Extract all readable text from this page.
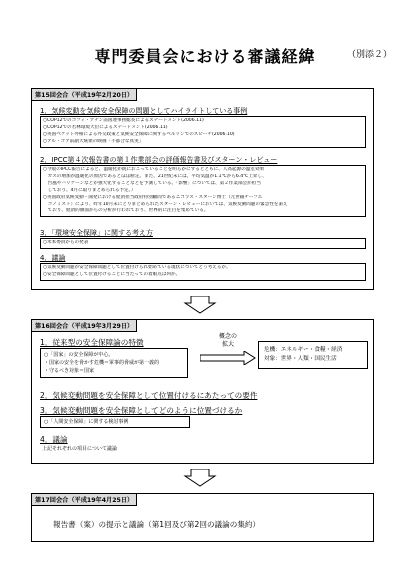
専門委員会における審議経緯	（別添２）
第15回会合（平成19年2月20日）
1．気候変動を気候安全保障の問題としてハイライトしている事例
○COP12でのコフィ・アナン前国連事務総長によるステートメント(2006.11)
○COP12での若林環境大臣によるステートメント(2006.11)
○英国ベケット外相による外交政策と気候安全保障に関するベルリンでのスピーチ(2006.10)
○アル・ゴア前副大統領の映画「不都合な真実」
2．IPCC第４次報告書の第１作業部会の評価報告書及びスターン・レビュー
○今般のIPCC報告によると、温暖化が既におこっていることを明らかにするとともに、人為起源の温室効果
　ガスの増加が温暖化の原因であるとほぼ断定。また、21世紀末には、平均気温が1.1℃から6.4℃上昇し、
　台風やハリケーンなどが強大化することなどを予測している。「影響」については、第２作業部会が担当
　しており、4月に取りまとめられる予定。）
○英国政府気候変動・開発における経済担当政府特別顧問であるニコラス・スターン博士（元世銀チーフエ
　コノミスト）により、昨年10月末にとりまとめられたスターン・レビューにおいては、気候変動問題の緊急性を訴え
　ており、経済的側面からの分析が行われており、世界的に注目を集めている。
3．「環境安全保障」に関する考え方
○米本委員からの発表
4．議論
○気候変動問題が安全保障問題として位置付けられ始めている現状についてどう考えるか。
○安全保障問題として位置付けることに当たっての着眼点は何か。
第16回会合（平成19年3月29日）
1．従来型の安全保障論の特徴
○「国家」の安全保障が中心。
・国家の安全を脅かす危機＝軍事的脅威が第一義的
・守るべき対象＝国家
概念の
拡大
危機：エネルギー・食糧・経済
対象：世界・人類・国民生活
2．気候変動問題を安全保障として位置付けるにあたっての要件
3．気候変動問題を安全保障としてどのように位置づけるか
○「人間安全保障」に関する検討事例
4．議論
上記それぞれの項目について議論
第17回会合（平成19年4月25日）
報告書（案）の提示と議論（第1回及び第2回の議論の集約）
